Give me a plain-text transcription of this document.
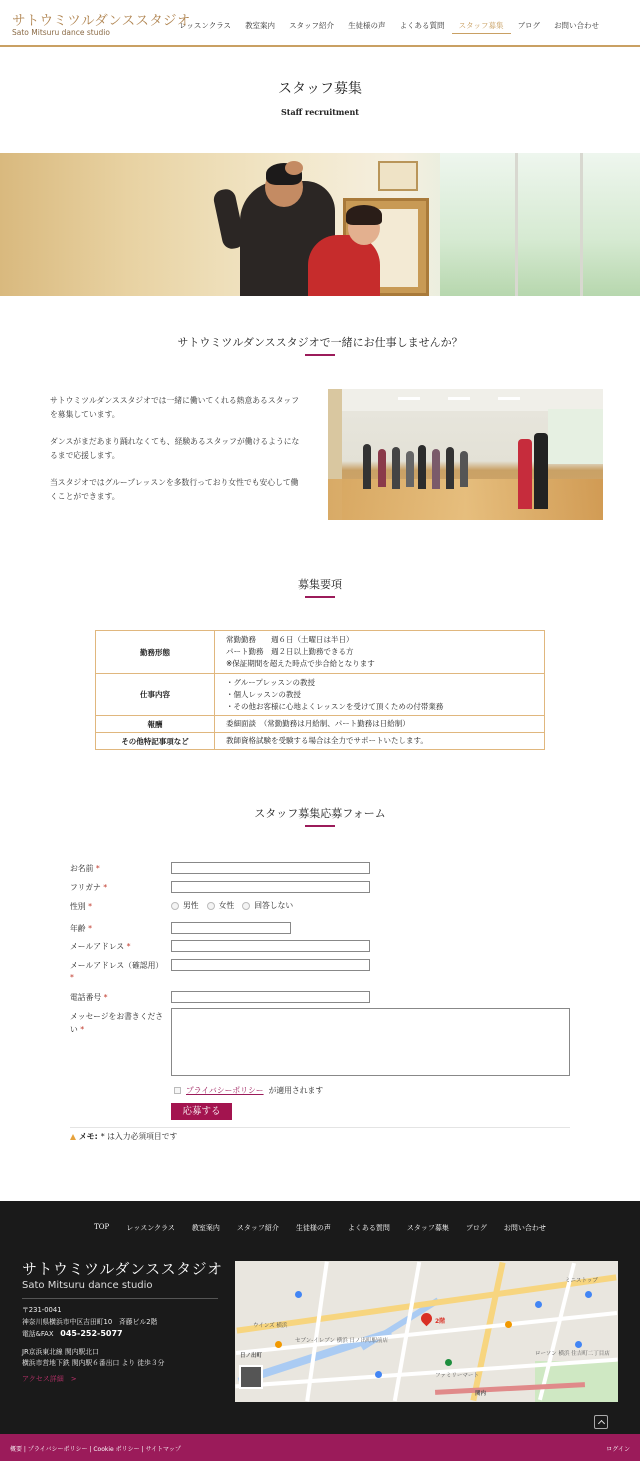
サトウミツルダンススタジオ
Sato Mitsuru dance studio
レッスンクラス	教室案内	スタッフ紹介	生徒様の声	よくある質問	スタッフ募集	ブログ	お問い合わせ
スタッフ募集
Staff recruitment
サトウミツルダンススタジオで一緒にお仕事しませんか？

サトウミツルダンススタジオでは一緒に働いてくれる熱意あるスタッフを募集しています。

ダンスがまだあまり踊れなくても、経験あるスタッフが働けるようになるまで応援します。

当スタジオではグループレッスンを多数行っており女性でも安心して働くことができます。

募集要項
勤務形態	常勤勤務　　週６日（土曜日は半日）
パート勤務　週２日以上勤務できる方
※保証期間を超えた時点で歩合給となります

仕事内容	・グループレッスンの教授
・個人レッスンの教授
・その他お客様に心地よくレッスンを受けて頂くための付帯業務

報酬	委細面談　（常勤勤務は月給制、パート勤務は日給制）

その他特記事項など	教師資格試験を受験する場合は全力でサポートいたします。
スタッフ募集応募フォーム
お名前 *
フリガナ *
性別 *	男性	女性	回答しない
年齢 *
メールアドレス *
メールアドレス（確認用）
*
電話番号 *
メッセージをお書きくださ
い *
プライバシーポリシー が適用されます
応募する
メモ: * は入力必須項目です
TOP	レッスンクラス	教室案内	スタッフ紹介	生徒様の声	よくある質問	スタッフ募集	ブログ	お問い合わせ
サトウミツルダンススタジオ
Sato Mitsuru dance studio
〒231-0041
神奈川県横浜市中区吉田町10　斉藤ビル2階
電話&FAX　 045-252-5077
JR京浜東北線 関内駅北口
横浜市営地下鉄 関内駅６番出口 より 徒歩３分
アクセス詳細　>
2階
ウインズ 横浜
日ノ出町
セブン-イレブン 横浜 日ノ出町駅前店
ファミリーマート
関内
ローソン 横浜 住吉町二丁目店
ミニストップ
概要 | プライバシーポリシー | Cookie ポリシー | サイトマップ	ログイン
